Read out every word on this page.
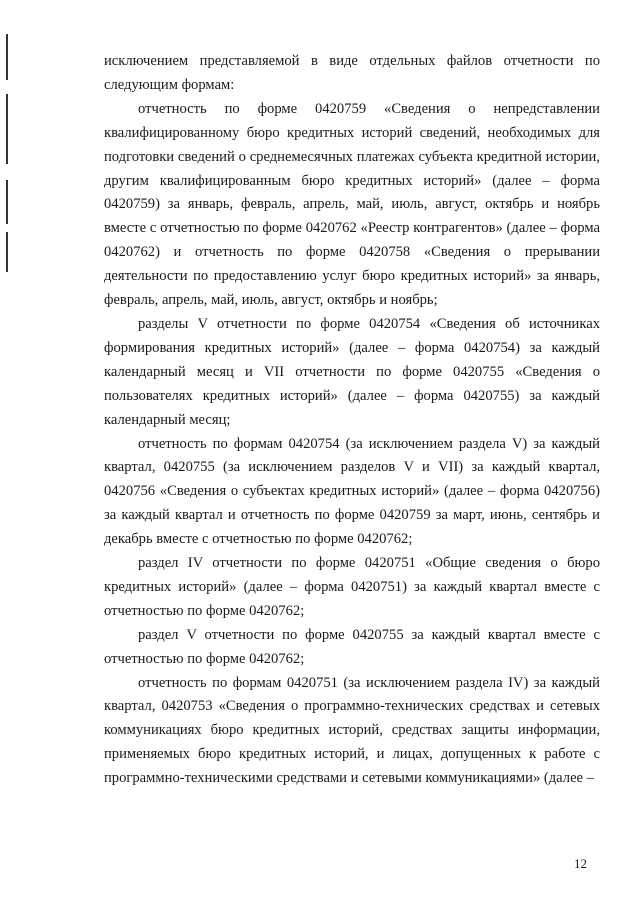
исключением представляемой в виде отдельных файлов отчетности по следующим формам:

отчетность по форме 0420759 «Сведения о непредставлении квалифицированному бюро кредитных историй сведений, необходимых для подготовки сведений о среднемесячных платежах субъекта кредитной истории, другим квалифицированным бюро кредитных историй» (далее – форма 0420759) за январь, февраль, апрель, май, июль, август, октябрь и ноябрь вместе с отчетностью по форме 0420762 «Реестр контрагентов» (далее – форма 0420762) и отчетность по форме 0420758 «Сведения о прерывании деятельности по предоставлению услуг бюро кредитных историй» за январь, февраль, апрель, май, июль, август, октябрь и ноябрь;

разделы V отчетности по форме 0420754 «Сведения об источниках формирования кредитных историй» (далее – форма 0420754) за каждый календарный месяц и VII отчетности по форме 0420755 «Сведения о пользователях кредитных историй» (далее – форма 0420755) за каждый календарный месяц;

отчетность по формам 0420754 (за исключением раздела V) за каждый квартал, 0420755 (за исключением разделов V и VII) за каждый квартал, 0420756 «Сведения о субъектах кредитных историй» (далее – форма 0420756) за каждый квартал и отчетность по форме 0420759 за март, июнь, сентябрь и декабрь вместе с отчетностью по форме 0420762;

раздел IV отчетности по форме 0420751 «Общие сведения о бюро кредитных историй» (далее – форма 0420751) за каждый квартал вместе с отчетностью по форме 0420762;

раздел V отчетности по форме 0420755 за каждый квартал вместе с отчетностью по форме 0420762;

отчетность по формам 0420751 (за исключением раздела IV) за каждый квартал, 0420753 «Сведения о программно-технических средствах и сетевых коммуникациях бюро кредитных историй, средствах защиты информации, применяемых бюро кредитных историй, и лицах, допущенных к работе с программно-техническими средствами и сетевыми коммуникациями» (далее –

12
